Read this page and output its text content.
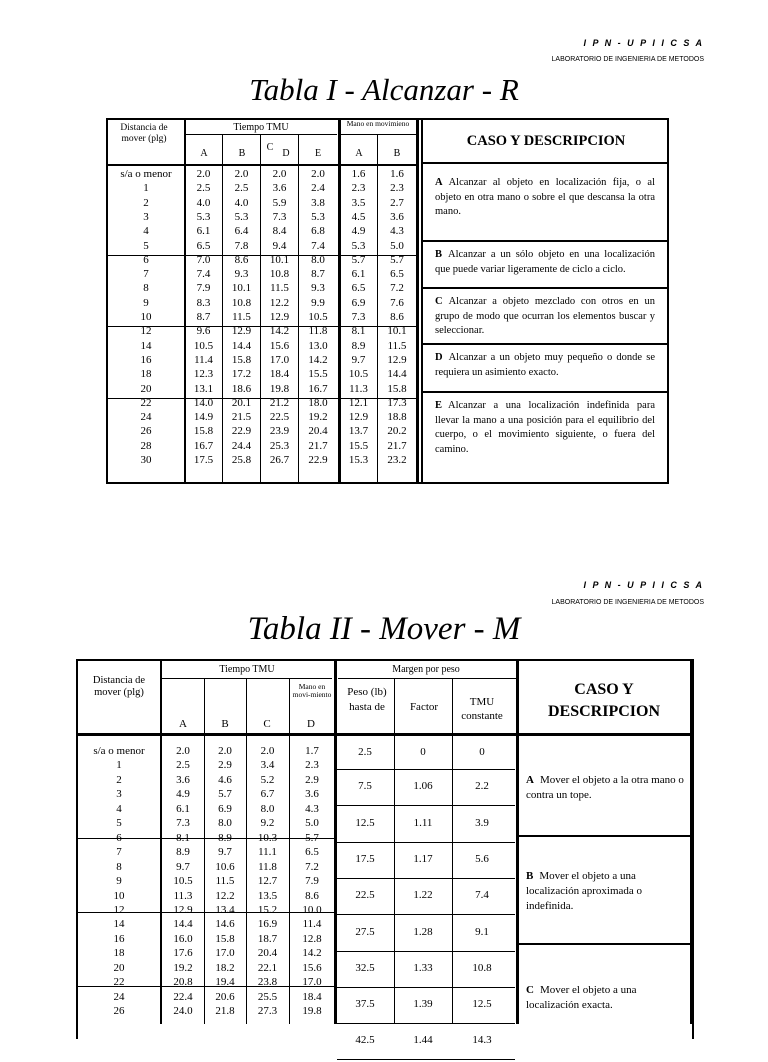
I P N - U P I I C S A
LABORATORIO DE INGENIERIA DE METODOS
Tabla I - Alcanzar - R
Distancia de mover (plg)
Tiempo TMU	Mano en movimieno
A	B
C
D	E	A	B
s/a o menor	2.0	2.0	2.0	2.0	1.6	1.6
1	2.5	2.5	3.6	2.4	2.3	2.3
2	4.0	4.0	5.9	3.8	3.5	2.7
3	5.3	5.3	7.3	5.3	4.5	3.6
4	6.1	6.4	8.4	6.8	4.9	4.3
5	6.5	7.8	9.4	7.4	5.3	5.0
6	7.0	8.6	10.1	8.0	5.7	5.7
7	7.4	9.3	10.8	8.7	6.1	6.5
8	7.9	10.1	11.5	9.3	6.5	7.2
9	8.3	10.8	12.2	9.9	6.9	7.6
10	8.7	11.5	12.9	10.5	7.3	8.6
12	9.6	12.9	14.2	11.8	8.1	10.1
14	10.5	14.4	15.6	13.0	8.9	11.5
16	11.4	15.8	17.0	14.2	9.7	12.9
18	12.3	17.2	18.4	15.5	10.5	14.4
20	13.1	18.6	19.8	16.7	11.3	15.8
22	14.0	20.1	21.2	18.0	12.1	17.3
24	14.9	21.5	22.5	19.2	12.9	18.8
26	15.8	22.9	23.9	20.4	13.7	20.2
28	16.7	24.4	25.3	21.7	15.5	21.7
30	17.5	25.8	26.7	22.9	15.3	23.2
CASO Y DESCRIPCION
A Alcanzar al objeto en localización fija, o al objeto en otra mano o sobre el que descansa la otra mano.
B Alcanzar a un sólo objeto en una localización que puede variar ligeramente de ciclo a ciclo.
C Alcanzar a objeto mezclado con otros en un grupo de modo que ocurran los elementos buscar y seleccionar.
D Alcanzar a un objeto muy pequeño o donde se requiera un asimiento exacto.
E Alcanzar a una localización indefinida para llevar la mano a una posición para el equilibrio del cuerpo, o el movimiento siguiente, o fuera del camino.
I P N - U P I I C S A
LABORATORIO DE INGENIERIA DE METODOS
Tabla II - Mover - M
Distancia de mover (plg)
Tiempo TMU
Mano en movi-miento
Margen por peso
Peso (lb) hasta de	Factor	TMU constante
A	B	C	D
s/a o menor	2.0	2.0	2.0	1.7
1	2.5	2.9	3.4	2.3
2	3.6	4.6	5.2	2.9
3	4.9	5.7	6.7	3.6
4	6.1	6.9	8.0	4.3
5	7.3	8.0	9.2	5.0
6	8.1	8.9	10.3	5.7
7	8.9	9.7	11.1	6.5
8	9.7	10.6	11.8	7.2
9	10.5	11.5	12.7	7.9
10	11.3	12.2	13.5	8.6
12	12.9	13.4	15.2	10.0
14	14.4	14.6	16.9	11.4
16	16.0	15.8	18.7	12.8
18	17.6	17.0	20.4	14.2
20	19.2	18.2	22.1	15.6
22	20.8	19.4	23.8	17.0
24	22.4	20.6	25.5	18.4
26	24.0	21.8	27.3	19.8
2.5	0	0
7.5	1.06	2.2
12.5	1.11	3.9
17.5	1.17	5.6
22.5	1.22	7.4
27.5	1.28	9.1
32.5	1.33	10.8
37.5	1.39	12.5
42.5	1.44	14.3
CASO Y DESCRIPCION
A Mover el objeto a la otra mano o contra un tope.
B Mover el objeto a una localización aproximada o indefinida.
C Mover el objeto a una localización exacta.
